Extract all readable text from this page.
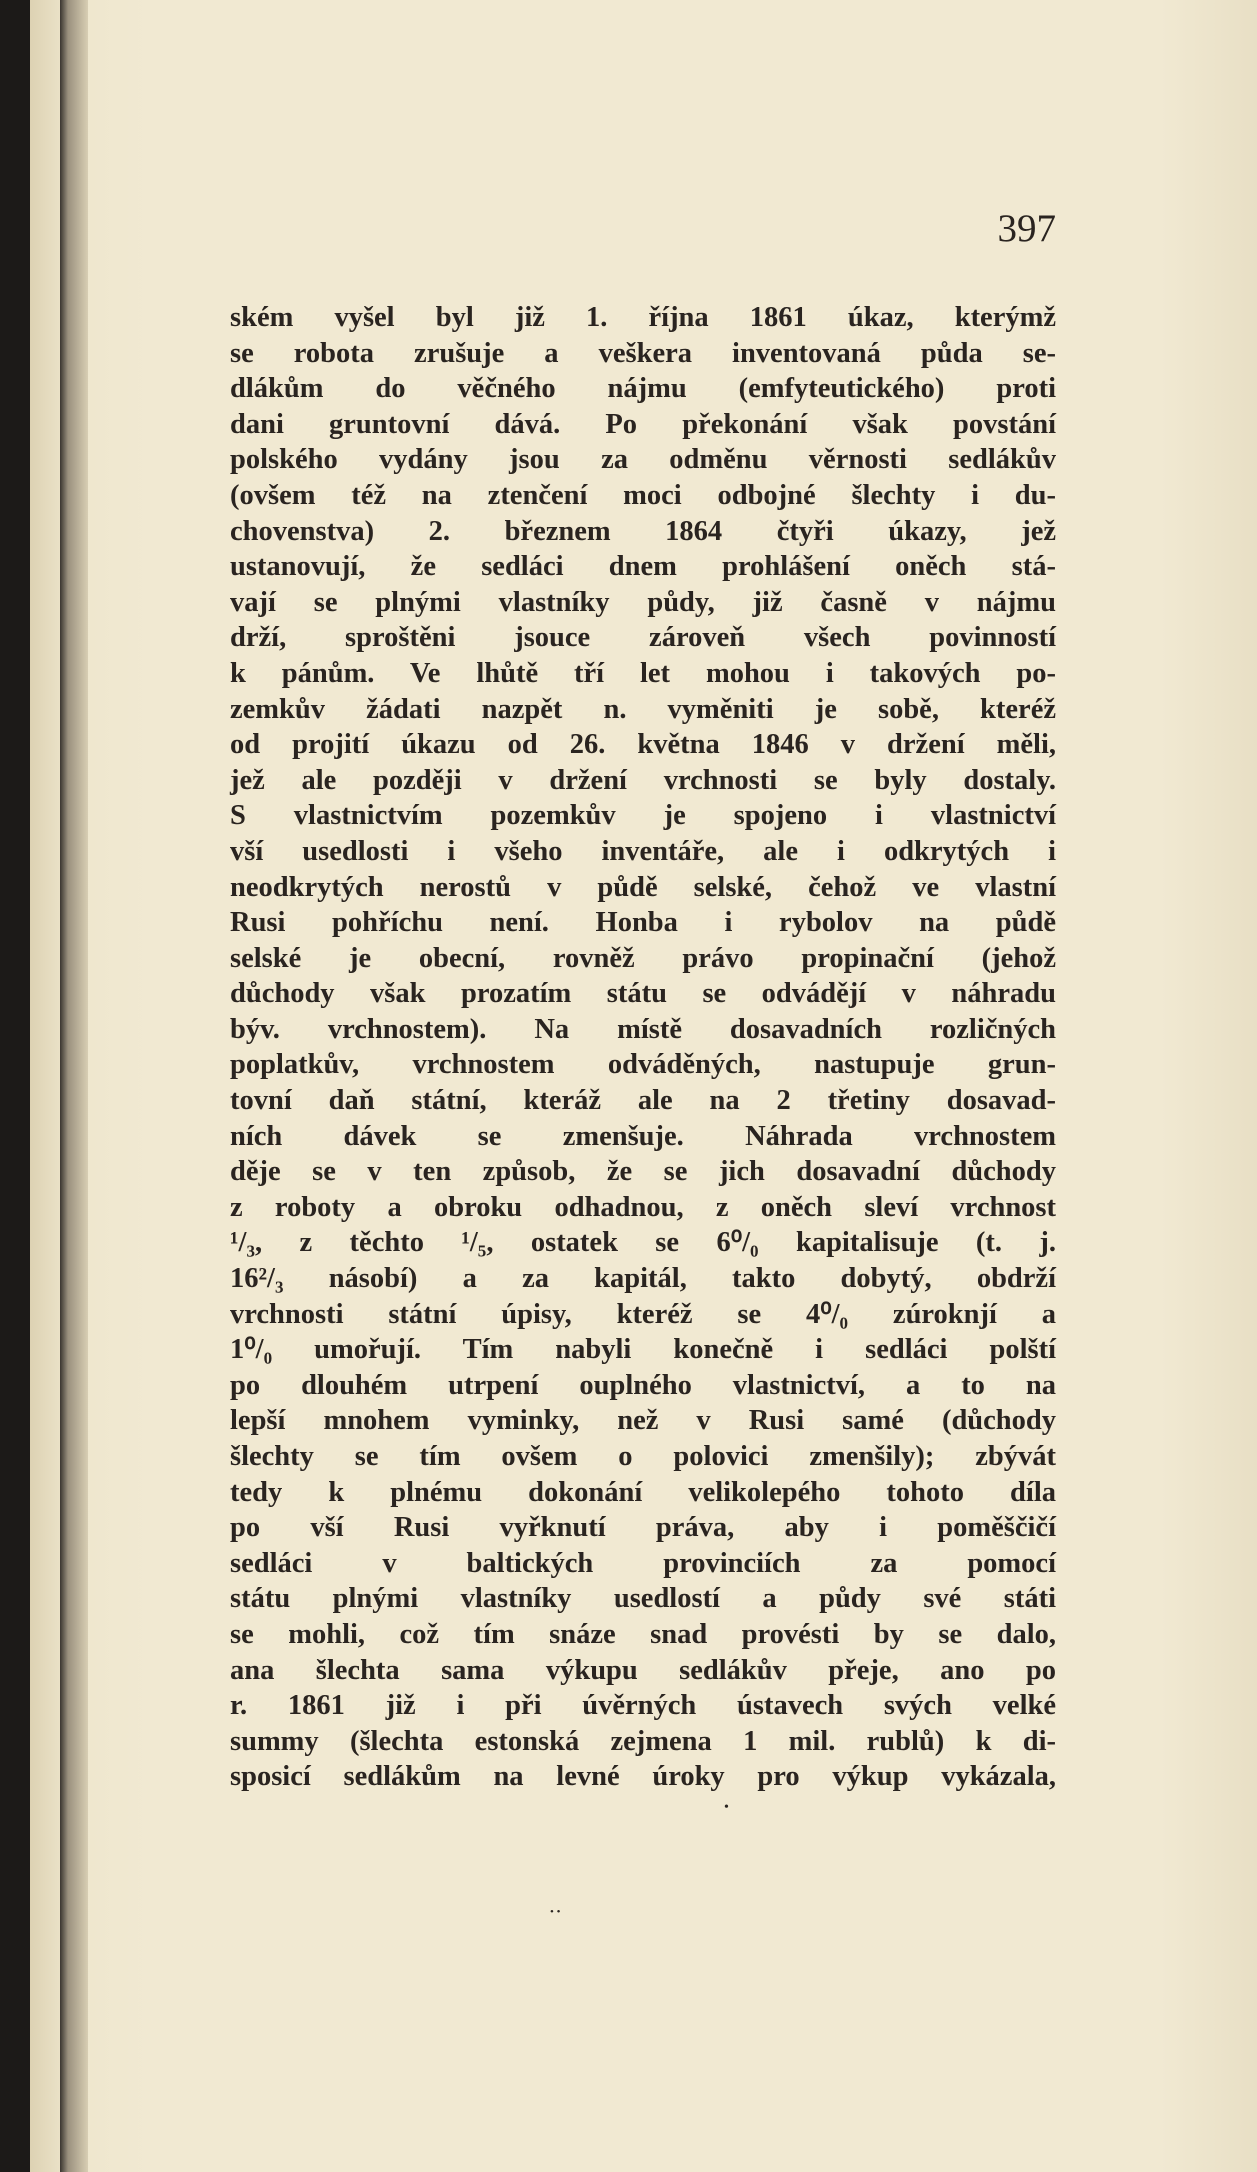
397
ském vyšel byl již 1. října 1861 úkaz, kterýmž
se robota zrušuje a veškera inventovaná půda se-
dlákům do věčného nájmu (emfyteutického) proti
dani gruntovní dává. Po překonání však povstání
polského vydány jsou za odměnu věrnosti sedlákův
(ovšem též na ztenčení moci odbojné šlechty i du-
chovenstva) 2. březnem 1864 čtyři úkazy, jež
ustanovují, že sedláci dnem prohlášení oněch stá-
vají se plnými vlastníky půdy, již časně v nájmu
drží, sproštěni jsouce zároveň všech povinností
k pánům. Ve lhůtě tří let mohou i takových po-
zemkův žádati nazpět n. vyměniti je sobě, kteréž
od projití úkazu od 26. května 1846 v držení měli,
jež ale později v držení vrchnosti se byly dostaly.
S vlastnictvím pozemkův je spojeno i vlastnictví
vší usedlosti i všeho inventáře, ale i odkrytých i
neodkrytých nerostů v půdě selské, čehož ve vlastní
Rusi pohříchu není. Honba i rybolov na půdě
selské je obecní, rovněž právo propinační (jehož
důchody však prozatím státu se odvádějí v náhradu
býv. vrchnostem). Na místě dosavadních rozličných
poplatkův, vrchnostem odváděných, nastupuje grun-
tovní daň státní, kteráž ale na 2 třetiny dosavad-
ních dávek se zmenšuje. Náhrada vrchnostem
děje se v ten způsob, že se jich dosavadní důchody
z roboty a obroku odhadnou, z oněch sleví vrchnost
¹/₃, z těchto ¹/₅, ostatek se 6⁰/₀ kapitalisuje (t. j.
16²/₃ násobí) a za kapitál, takto dobytý, obdrží
vrchnosti státní úpisy, kteréž se 4⁰/₀ zúroknjí a
1⁰/₀ umořují. Tím nabyli konečně i sedláci polští
po dlouhém utrpení ouplného vlastnictví, a to na
lepší mnohem vyminky, než v Rusi samé (důchody
šlechty se tím ovšem o polovici zmenšily); zbývát
tedy k plnému dokonání velikolepého tohoto díla
po vší Rusi vyřknutí práva, aby i poměščičí
sedláci v baltických provinciích za pomocí
státu plnými vlastníky usedlostí a půdy své státi
se mohli, což tím snáze snad provésti by se dalo,
ana šlechta sama výkupu sedlákův přeje, ano po
r. 1861 již i při úvěrných ústavech svých velké
summy (šlechta estonská zejmena 1 mil. rublů) k di-
sposicí sedlákům na levné úroky pro výkup vykázala,
•
• •
